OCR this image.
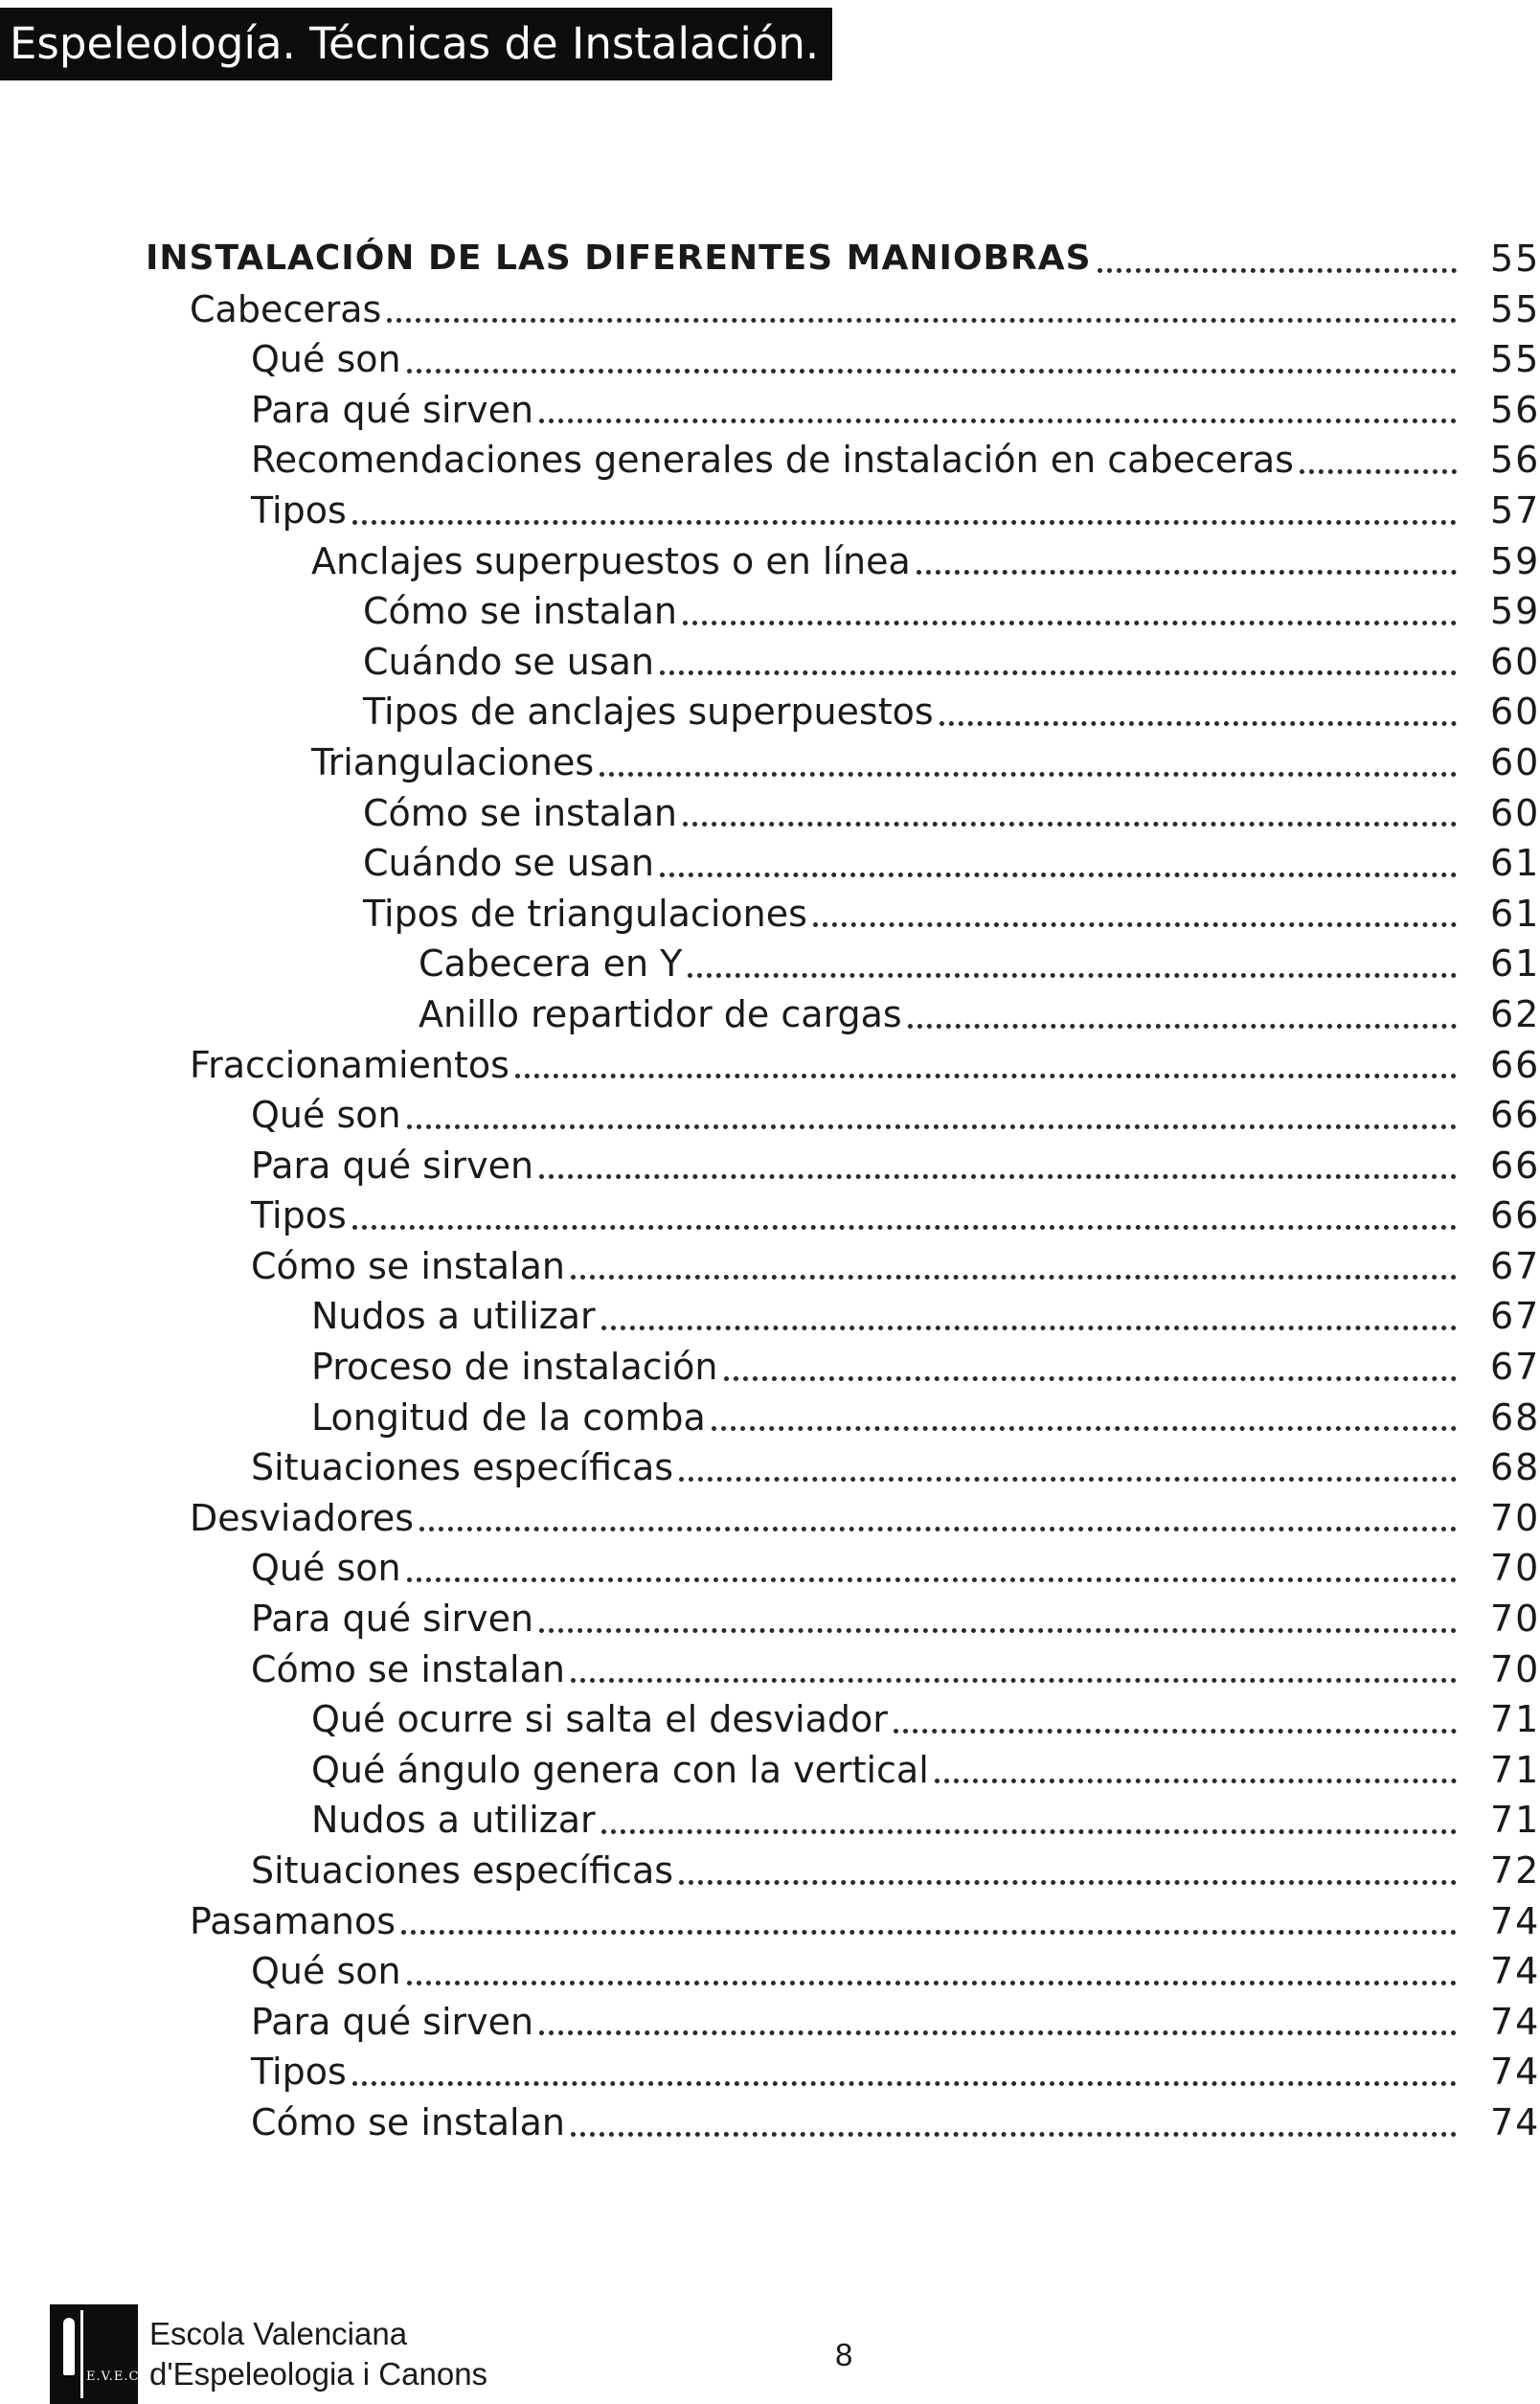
Espeleología. Técnicas de Instalación.
INSTALACIÓN DE LAS DIFERENTES MANIOBRAS	55
Cabeceras	55
Qué son	55
Para qué sirven	56
Recomendaciones generales de instalación en cabeceras	56
Tipos	57
Anclajes superpuestos o en línea	59
Cómo se instalan	59
Cuándo se usan	60
Tipos de anclajes superpuestos	60
Triangulaciones	60
Cómo se instalan	60
Cuándo se usan	61
Tipos de triangulaciones	61
Cabecera en Y	61
Anillo repartidor de cargas	62
Fraccionamientos	66
Qué son	66
Para qué sirven	66
Tipos	66
Cómo se instalan	67
Nudos a utilizar	67
Proceso de instalación	67
Longitud de la comba	68
Situaciones específicas	68
Desviadores	70
Qué son	70
Para qué sirven	70
Cómo se instalan	70
Qué ocurre si salta el desviador	71
Qué ángulo genera con la vertical	71
Nudos a utilizar	71
Situaciones específicas	72
Pasamanos	74
Qué son	74
Para qué sirven	74
Tipos	74
Cómo se instalan	74
E.V.E.C.
Escola Valenciana
d'Espeleologia i Canons
8
